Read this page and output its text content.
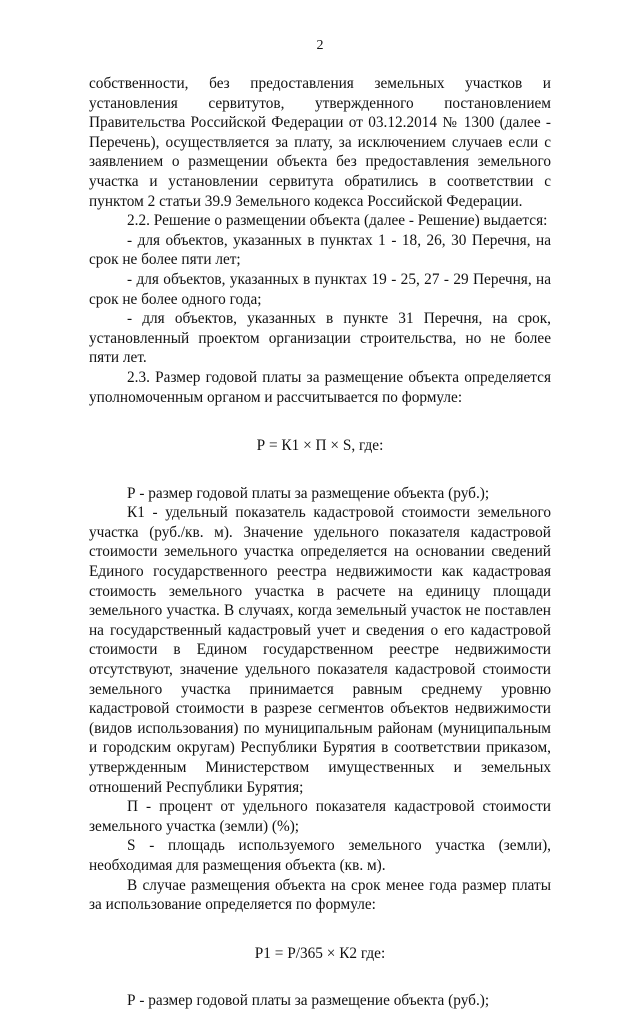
2

собственности, без предоставления земельных участков и установления сервитутов, утвержденного постановлением Правительства Российской Федерации от 03.12.2014 № 1300 (далее - Перечень), осуществляется за плату, за исключением случаев если с заявлением о размещении объекта без предоставления земельного участка и установлении сервитута обратились в соответствии с пунктом 2 статьи 39.9 Земельного кодекса Российской Федерации.

2.2. Решение о размещении объекта (далее - Решение) выдается:

- для объектов, указанных в пунктах 1 - 18, 26, 30 Перечня, на срок не более пяти лет;

- для объектов, указанных в пунктах 19 - 25, 27 - 29 Перечня, на срок не более одного года;

- для объектов, указанных в пункте 31 Перечня, на срок, установленный проектом организации строительства, но не более пяти лет.

2.3. Размер годовой платы за размещение объекта определяется уполномоченным органом и рассчитывается по формуле:

Р = К1 × П × S, где:

Р - размер годовой платы за размещение объекта (руб.);

К1 - удельный показатель кадастровой стоимости земельного участка (руб./кв. м). Значение удельного показателя кадастровой стоимости земельного участка определяется на основании сведений Единого государственного реестра недвижимости как кадастровая стоимость земельного участка в расчете на единицу площади земельного участка. В случаях, когда земельный участок не поставлен на государственный кадастровый учет и сведения о его кадастровой стоимости в Едином государственном реестре недвижимости отсутствуют, значение удельного показателя кадастровой стоимости земельного участка принимается равным среднему уровню кадастровой стоимости в разрезе сегментов объектов недвижимости (видов использования) по муниципальным районам (муниципальным и городским округам) Республики Бурятия в соответствии приказом, утвержденным Министерством имущественных и земельных отношений Республики Бурятия;

П - процент от удельного показателя кадастровой стоимости земельного участка (земли) (%);

S - площадь используемого земельного участка (земли), необходимая для размещения объекта (кв. м).

В случае размещения объекта на срок менее года размер платы за использование определяется по формуле:

Р1 = Р/365 × К2 где:

Р - размер годовой платы за размещение объекта (руб.);
